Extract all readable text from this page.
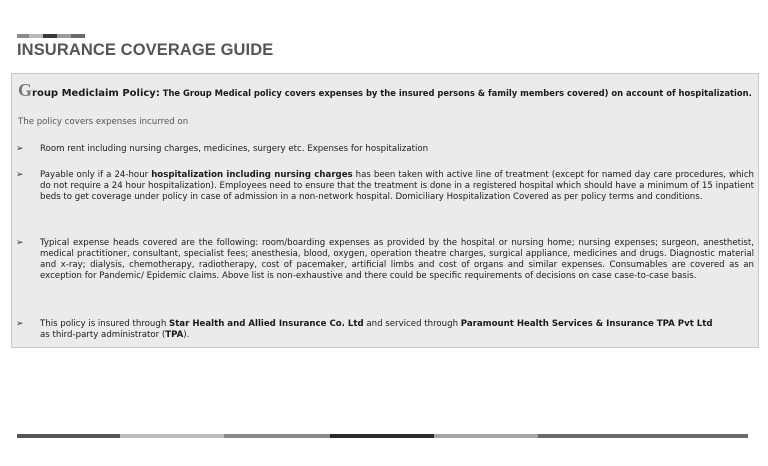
INSURANCE COVERAGE GUIDE

Group Mediclaim Policy: The Group Medical policy covers expenses by the insured persons & family members covered) on account of hospitalization.

The policy covers expenses incurred on

➢ Room rent including nursing charges, medicines, surgery etc. Expenses for hospitalization

➢ Payable only if a 24-hour hospitalization including nursing charges has been taken with active line of treatment (except for named day care procedures, which do not require a 24 hour hospitalization). Employees need to ensure that the treatment is done in a registered hospital which should have a minimum of 15 inpatient beds to get coverage under policy in case of admission in a non-network hospital. Domiciliary Hospitalization Covered as per policy terms and conditions.

➢ Typical expense heads covered are the following: room/boarding expenses as provided by the hospital or nursing home; nursing expenses; surgeon, anesthetist, medical practitioner, consultant, specialist fees; anesthesia, blood, oxygen, operation theatre charges, surgical appliance, medicines and drugs. Diagnostic material and x-ray; dialysis, chemotherapy, radiotherapy, cost of pacemaker, artificial limbs and cost of organs and similar expenses. Consumables are covered as an exception for Pandemic/ Epidemic claims. Above list is non-exhaustive and there could be specific requirements of decisions on case case-to-case basis.

➢ This policy is insured through Star Health and Allied Insurance Co. Ltd and serviced through Paramount Health Services & Insurance TPA Pvt Ltd as third-party administrator (TPA).
